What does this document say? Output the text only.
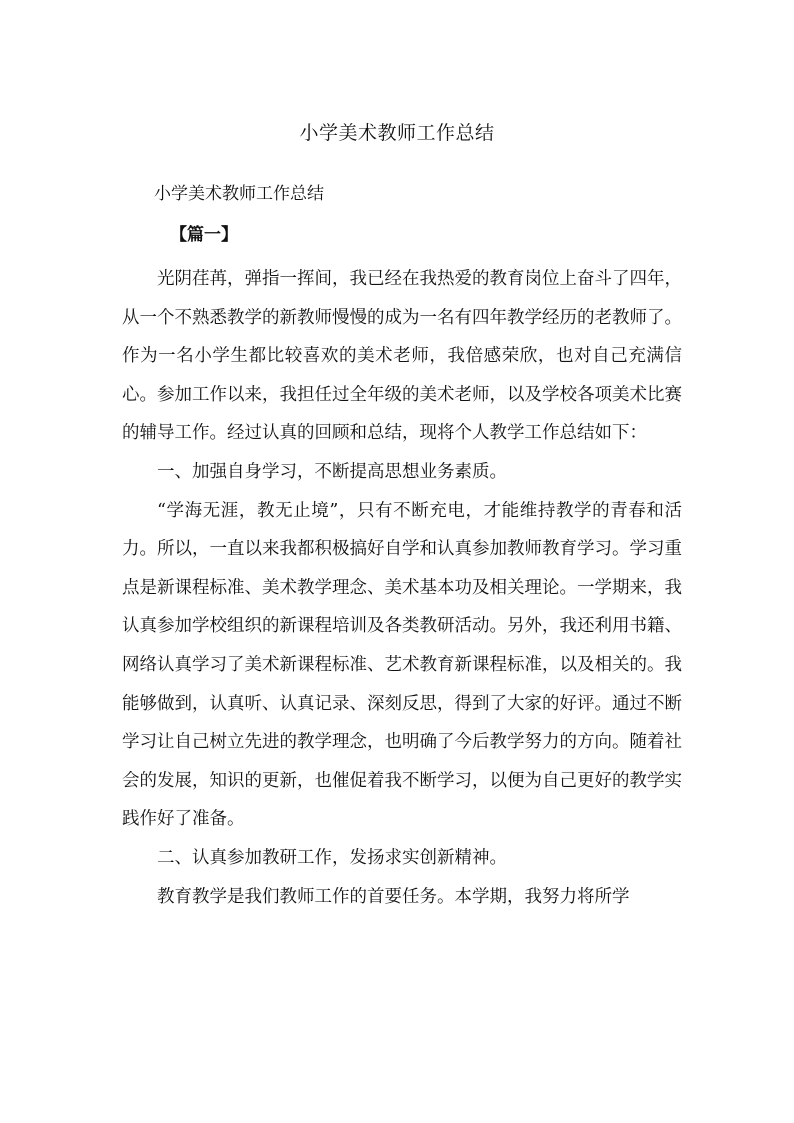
小学美术教师工作总结
小学美术教师工作总结
【篇一】

光阴荏苒，弹指一挥间，我已经在我热爱的教育岗位上奋斗了四年，从一个不熟悉教学的新教师慢慢的成为一名有四年教学经历的老教师了。作为一名小学生都比较喜欢的美术老师，我倍感荣欣，也对自己充满信心。参加工作以来，我担任过全年级的美术老师，以及学校各项美术比赛的辅导工作。经过认真的回顾和总结，现将个人教学工作总结如下：

一、加强自身学习，不断提高思想业务素质。

“学海无涯，教无止境”，只有不断充电，才能维持教学的青春和活力。所以，一直以来我都积极搞好自学和认真参加教师教育学习。学习重点是新课程标准、美术教学理念、美术基本功及相关理论。一学期来，我认真参加学校组织的新课程培训及各类教研活动。另外，我还利用书籍、网络认真学习了美术新课程标准、艺术教育新课程标准，以及相关的。我能够做到，认真听、认真记录、深刻反思，得到了大家的好评。通过不断学习让自己树立先进的教学理念，也明确了今后教学努力的方向。随着社会的发展，知识的更新，也催促着我不断学习，以便为自己更好的教学实践作好了准备。

二、认真参加教研工作，发扬求实创新精神。

教育教学是我们教师工作的首要任务。本学期，我努力将所学
